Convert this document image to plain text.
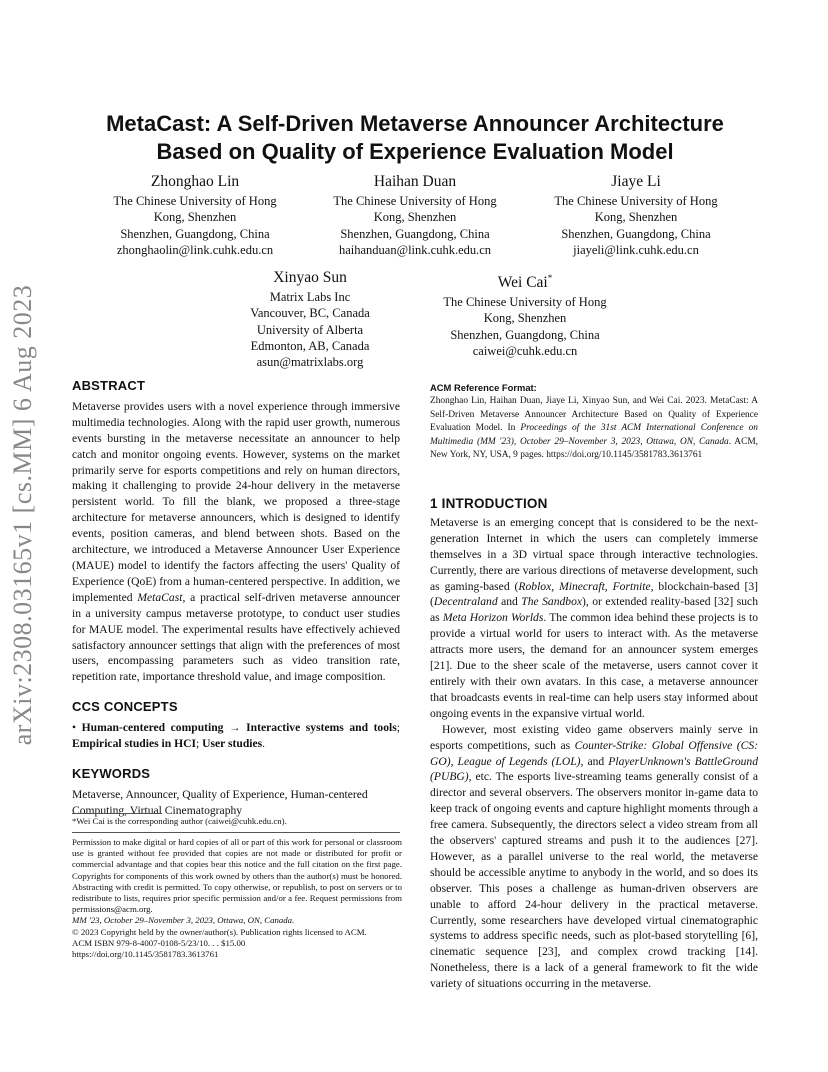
arXiv:2308.03165v1 [cs.MM] 6 Aug 2023
MetaCast: A Self-Driven Metaverse Announcer Architecture
Based on Quality of Experience Evaluation Model
Zhonghao Lin
The Chinese University of Hong
Kong, Shenzhen
Shenzhen, Guangdong, China
zhonghaolin@link.cuhk.edu.cn
Haihan Duan
The Chinese University of Hong
Kong, Shenzhen
Shenzhen, Guangdong, China
haihanduan@link.cuhk.edu.cn
Jiaye Li
The Chinese University of Hong
Kong, Shenzhen
Shenzhen, Guangdong, China
jiayeli@link.cuhk.edu.cn
Xinyao Sun
Matrix Labs Inc
Vancouver, BC, Canada
University of Alberta
Edmonton, AB, Canada
asun@matrixlabs.org
Wei Cai*
The Chinese University of Hong
Kong, Shenzhen
Shenzhen, Guangdong, China
caiwei@cuhk.edu.cn
ABSTRACT

Metaverse provides users with a novel experience through immersive multimedia technologies. Along with the rapid user growth, numerous events bursting in the metaverse necessitate an announcer to help catch and monitor ongoing events. However, systems on the market primarily serve for esports competitions and rely on human directors, making it challenging to provide 24-hour delivery in the metaverse persistent world. To fill the blank, we proposed a three-stage architecture for metaverse announcers, which is designed to identify events, position cameras, and blend between shots. Based on the architecture, we introduced a Metaverse Announcer User Experience (MAUE) model to identify the factors affecting the users' Quality of Experience (QoE) from a human-centered perspective. In addition, we implemented MetaCast, a practical self-driven metaverse announcer in a university campus metaverse prototype, to conduct user studies for MAUE model. The experimental results have effectively achieved satisfactory announcer settings that align with the preferences of most users, encompassing parameters such as video transition rate, repetition rate, importance threshold value, and image composition.

CCS CONCEPTS
• Human-centered computing → Interactive systems and tools; Empirical studies in HCI; User studies.
KEYWORDS

Metaverse, Announcer, Quality of Experience, Human-centered Computing, Virtual Cinematography

*Wei Cai is the corresponding author (caiwei@cuhk.edu.cn).

Permission to make digital or hard copies of all or part of this work for personal or classroom use is granted without fee provided that copies are not made or distributed for profit or commercial advantage and that copies bear this notice and the full citation on the first page. Copyrights for components of this work owned by others than the author(s) must be honored. Abstracting with credit is permitted. To copy otherwise, or republish, to post on servers or to redistribute to lists, requires prior specific permission and/or a fee. Request permissions from permissions@acm.org.

MM '23, October 29–November 3, 2023, Ottawa, ON, Canada.

© 2023 Copyright held by the owner/author(s). Publication rights licensed to ACM.

ACM ISBN 979-8-4007-0108-5/23/10. . . $15.00

https://doi.org/10.1145/3581783.3613761

ACM Reference Format:
Zhonghao Lin, Haihan Duan, Jiaye Li, Xinyao Sun, and Wei Cai. 2023. MetaCast: A Self-Driven Metaverse Announcer Architecture Based on Quality of Experience Evaluation Model. In Proceedings of the 31st ACM International Conference on Multimedia (MM '23), October 29–November 3, 2023, Ottawa, ON, Canada. ACM, New York, NY, USA, 9 pages. https://doi.org/10.1145/3581783.3613761
1 INTRODUCTION

Metaverse is an emerging concept that is considered to be the next-generation Internet in which the users can completely immerse themselves in a 3D virtual space through interactive technologies. Currently, there are various directions of metaverse development, such as gaming-based (Roblox, Minecraft, Fortnite, blockchain-based [3] (Decentraland and The Sandbox), or extended reality-based [32] such as Meta Horizon Worlds. The common idea behind these projects is to provide a virtual world for users to interact with. As the metaverse attracts more users, the demand for an announcer system emerges [21]. Due to the sheer scale of the metaverse, users cannot cover it entirely with their own avatars. In this case, a metaverse announcer that broadcasts events in real-time can help users stay informed about ongoing events in the expansive virtual world.

However, most existing video game observers mainly serve in esports competitions, such as Counter-Strike: Global Offensive (CS: GO), League of Legends (LOL), and PlayerUnknown's BattleGround (PUBG), etc. The esports live-streaming teams generally consist of a director and several observers. The observers monitor in-game data to keep track of ongoing events and capture highlight moments through a free camera. Subsequently, the directors select a video stream from all the observers' captured streams and push it to the audiences [27]. However, as a parallel universe to the real world, the metaverse should be accessible anytime to anybody in the world, and so does its observer. This poses a challenge as human-driven observers are unable to afford 24-hour delivery in the practical metaverse. Currently, some researchers have developed virtual cinematographic systems to address specific needs, such as plot-based storytelling [6], cinematic sequence [23], and complex crowd tracking [14]. Nonetheless, there is a lack of a general framework to fit the wide variety of situations occurring in the metaverse.
